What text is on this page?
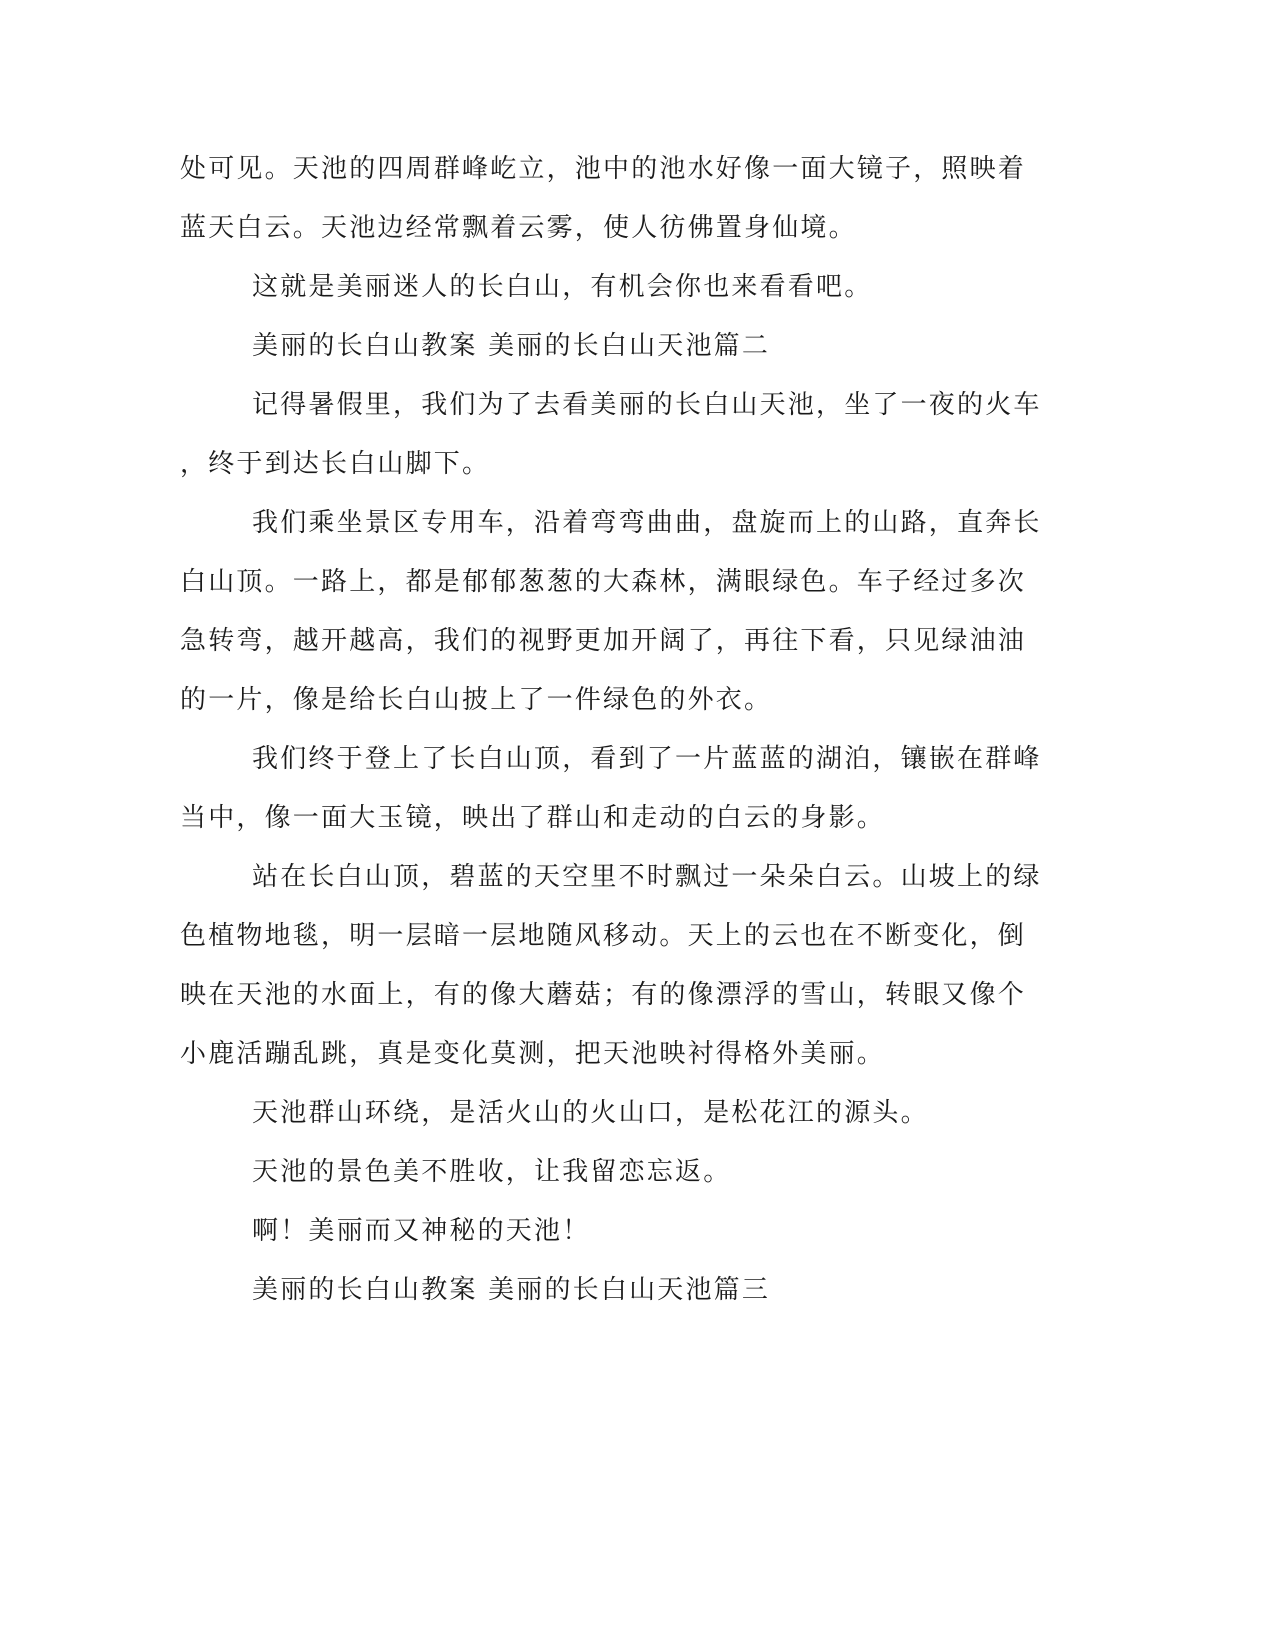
处可见。天池的四周群峰屹立，池中的池水好像一面大镜子，照映着
蓝天白云。天池边经常飘着云雾，使人彷佛置身仙境。
这就是美丽迷人的长白山，有机会你也来看看吧。
美丽的长白山教案 美丽的长白山天池篇二
记得暑假里，我们为了去看美丽的长白山天池，坐了一夜的火车
，终于到达长白山脚下。
我们乘坐景区专用车，沿着弯弯曲曲，盘旋而上的山路，直奔长
白山顶。一路上，都是郁郁葱葱的大森林，满眼绿色。车子经过多次
急转弯，越开越高，我们的视野更加开阔了，再往下看，只见绿油油
的一片，像是给长白山披上了一件绿色的外衣。
我们终于登上了长白山顶，看到了一片蓝蓝的湖泊，镶嵌在群峰
当中，像一面大玉镜，映出了群山和走动的白云的身影。
站在长白山顶，碧蓝的天空里不时飘过一朵朵白云。山坡上的绿
色植物地毯，明一层暗一层地随风移动。天上的云也在不断变化，倒
映在天池的水面上，有的像大蘑菇；有的像漂浮的雪山，转眼又像个
小鹿活蹦乱跳，真是变化莫测，把天池映衬得格外美丽。
天池群山环绕，是活火山的火山口，是松花江的源头。
天池的景色美不胜收，让我留恋忘返。
啊！美丽而又神秘的天池！
美丽的长白山教案 美丽的长白山天池篇三
